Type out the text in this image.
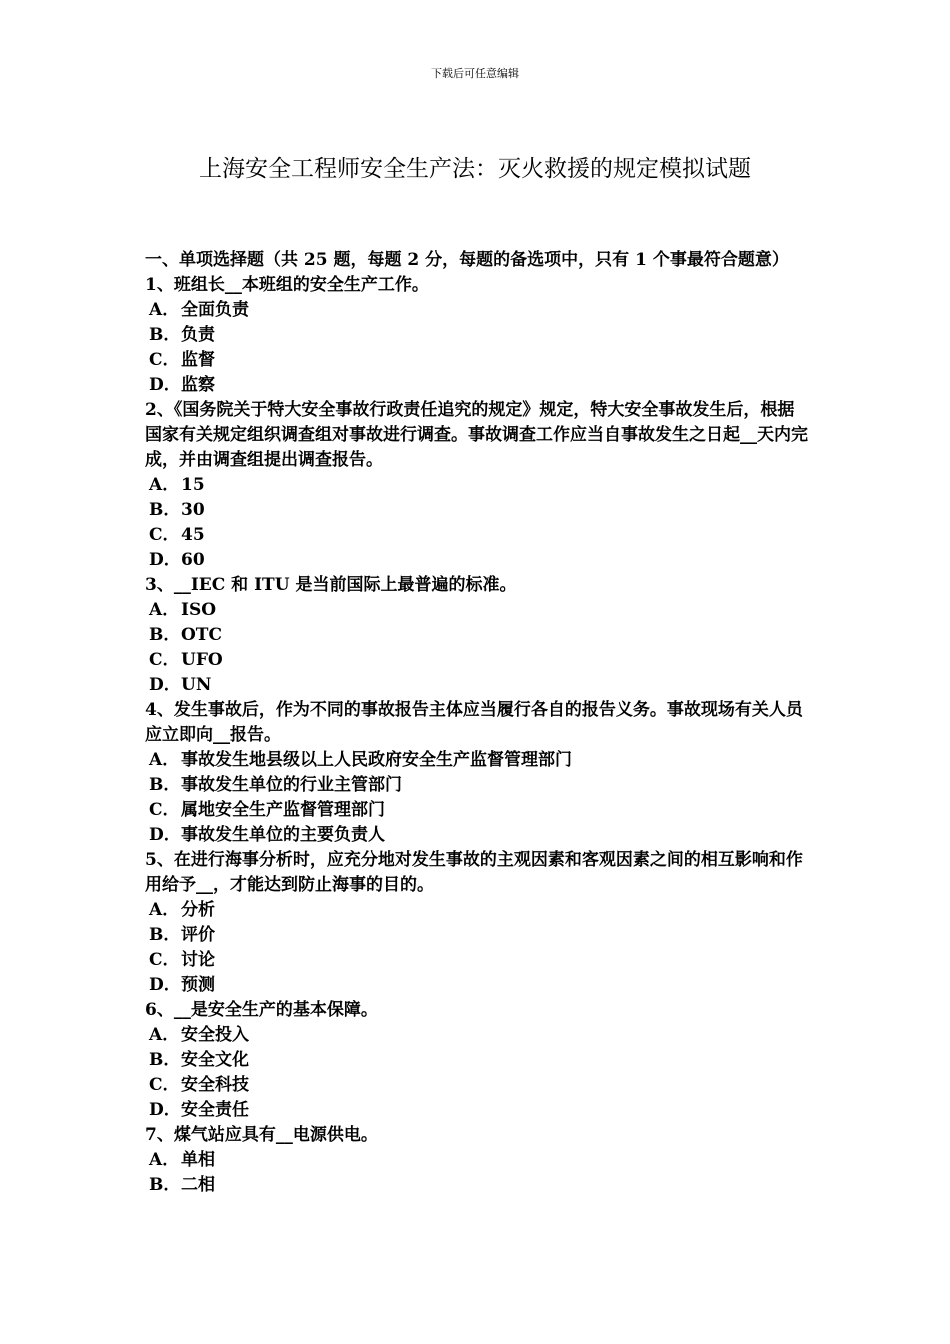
下载后可任意编辑
上海安全工程师安全生产法：灭火救援的规定模拟试题

一、单项选择题（共 25 题，每题 2 分，每题的备选项中，只有 1 个事最符合题意）

1、班组长__本班组的安全生产工作。

A． 全面负责
B．负责
C．监督
D．监察

2、《国务院关于特大安全事故行政责任追究的规定》规定，特大安全事故发生后，根据国家有关规定组织调查组对事故进行调查。事故调查工作应当自事故发生之日起__天内完成，并由调查组提出调查报告。

A． 15
B．30
C．45
D．60

3、__IEC 和 ITU 是当前国际上最普遍的标准。

A． ISO
B．OTC
C．UFO
D．UN

4、发生事故后，作为不同的事故报告主体应当履行各自的报告义务。事故现场有关人员应立即向__报告。

A． 事故发生地县级以上人民政府安全生产监督管理部门
B．事故发生单位的行业主管部门
C．属地安全生产监督管理部门
D．事故发生单位的主要负责人

5、在进行海事分析时，应充分地对发生事故的主观因素和客观因素之间的相互影响和作用给予__，才能达到防止海事的目的。

A． 分析
B．评价
C．讨论
D．预测

6、__是安全生产的基本保障。

A． 安全投入
B．安全文化
C．安全科技
D．安全责任

7、煤气站应具有__电源供电。

A． 单相
B．二相
